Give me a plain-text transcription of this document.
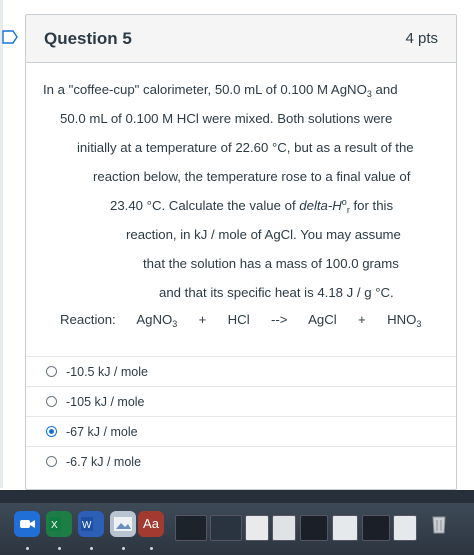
Question 5	4 pts
In a "coffee-cup" calorimeter, 50.0 mL of 0.100 M AgNO$_3$ and
50.0 mL of 0.100 M HCl were mixed. Both solutions were
initially at a temperature of 22.60 °C, but as a result of the
reaction below, the temperature rose to a final value of
23.40 °C. Calculate the value of delta-$H^o_r$ for this
reaction, in kJ / mole of AgCl. You may assume
that the solution has a mass of 100.0 grams
and that its specific heat is 4.18 J / g °C.
Reaction: AgNO$_3$ + HCl --> AgCl + $HNO_3$
-10.5 kJ / mole
-105 kJ / mole
-67 kJ / mole
-6.7 kJ / mole
X W	Aa
